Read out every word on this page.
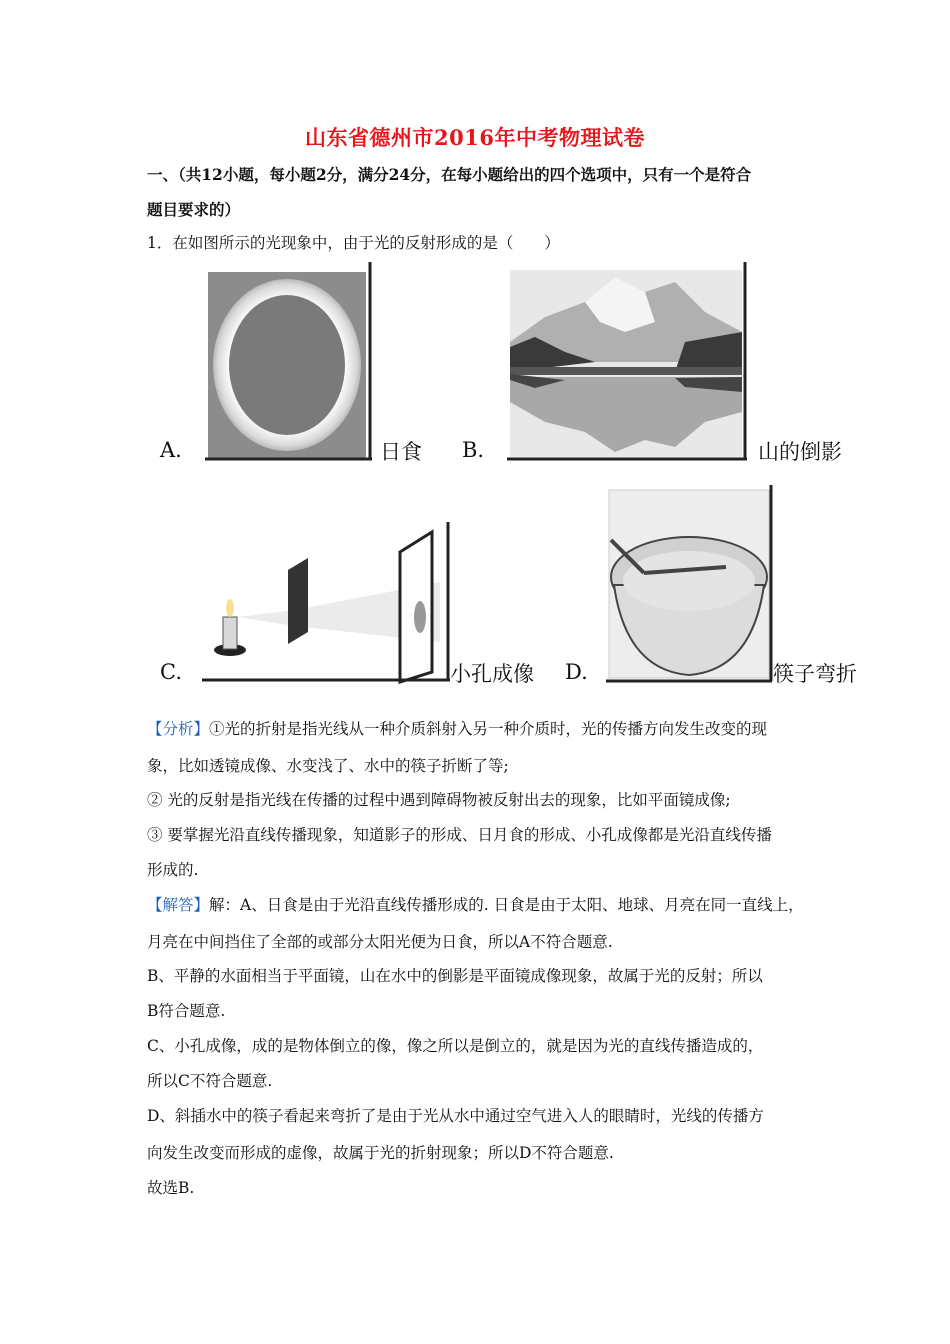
山东省德州市2016年中考物理试卷
一、（共12小题，每小题2分，满分24分，在每小题给出的四个选项中，只有一个是符合
题目要求的）
1．在如图所示的光现象中，由于光的反射形成的是（　　）
A.	日食 B.	山的倒影
C.	小孔成像 D.	筷子弯折
【分析】①光的折射是指光线从一种介质斜射入另一种介质时，光的传播方向发生改变的现
象，比如透镜成像、水变浅了、水中的筷子折断了等;
② 光的反射是指光线在传播的过程中遇到障碍物被反射出去的现象，比如平面镜成像;
③ 要掌握光沿直线传播现象，知道影子的形成、日月食的形成、小孔成像都是光沿直线传播
形成的.
【解答】解：A、日食是由于光沿直线传播形成的. 日食是由于太阳、地球、月亮在同一直线上，
月亮在中间挡住了全部的或部分太阳光便为日食，所以A不符合题意.
B、平静的水面相当于平面镜，山在水中的倒影是平面镜成像现象，故属于光的反射；所以
B符合题意.
C、小孔成像，成的是物体倒立的像，像之所以是倒立的，就是因为光的直线传播造成的，
所以C不符合题意.
D、斜插水中的筷子看起来弯折了是由于光从水中通过空气进入人的眼睛时，光线的传播方
向发生改变而形成的虚像，故属于光的折射现象；所以D不符合题意.
故选B.
